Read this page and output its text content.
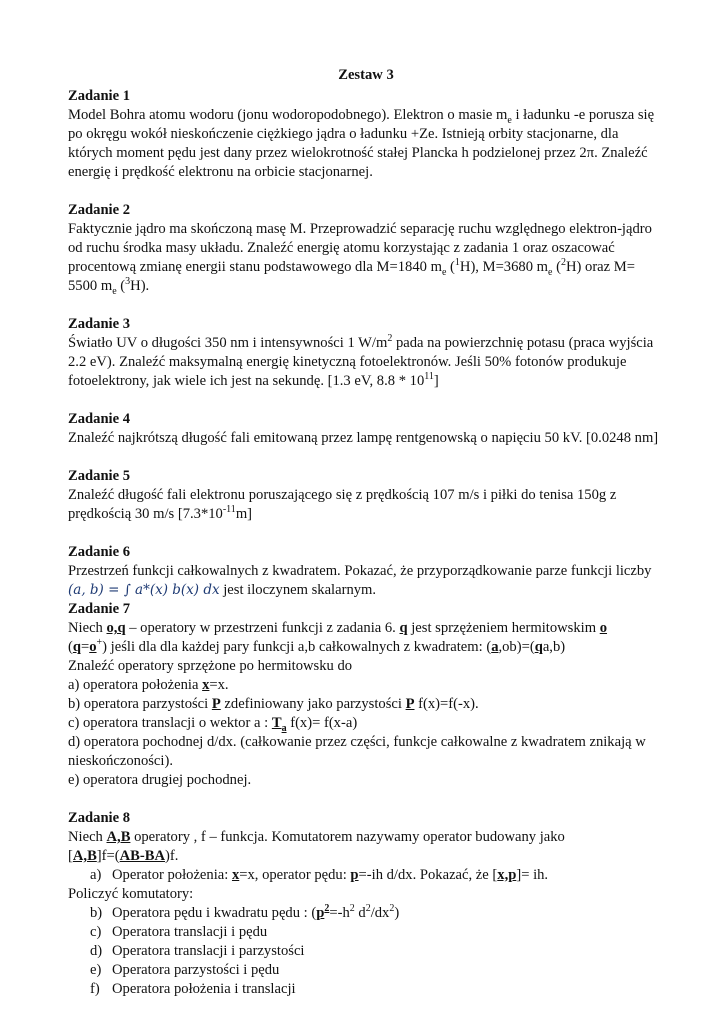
Zestaw 3
Zadanie 1

Model Bohra atomu wodoru (jonu wodoropodobnego). Elektron o masie $m_e$ i ładunku -e porusza się po okręgu wokół nieskończenie ciężkiego jądra o ładunku +Ze. Istnieją orbity stacjonarne, dla których moment pędu jest dany przez wielokrotność stałej Plancka h podzielonej przez 2π. Znaleźć energię i prędkość elektronu na orbicie stacjonarnej.

Zadanie 2

Faktycznie jądro ma skończoną masę M. Przeprowadzić separację ruchu względnego elektron-jądro od ruchu środka masy układu. Znaleźć energię atomu korzystając z zadania 1 oraz oszacować procentową zmianę energii stanu podstawowego dla M=1840 $m_e$ ($^1$H), M=3680 $m_e$ ($^2$H) oraz M= 5500 $m_e$ ($^3$H).

Zadanie 3

Światło UV o długości 350 nm i intensywności 1 $W/m^2$ pada na powierzchnię potasu (praca wyjścia 2.2 eV). Znaleźć maksymalną energię kinetyczną fotoelektronów. Jeśli 50% fotonów produkuje fotoelektrony, jak wiele ich jest na sekundę. [1.3 eV, $8.8 * 10^{11}$]

Zadanie 4

Znaleźć najkrótszą długość fali emitowaną przez lampę rentgenowską o napięciu 50 kV. [0.0248 nm]

Zadanie 5

Znaleźć długość fali elektronu poruszającego się z prędkością 107 m/s i piłki do tenisa 150g z prędkością 30 m/s $[7.3*10^{-11}m]$

Zadanie 6

Przestrzeń funkcji całkowalnych z kwadratem. Pokazać, że przyporządkowanie parze funkcji liczby
(a, b) = ∫ a*(x) b(x) dx jest iloczynem skalarnym.

Zadanie 7

Niech o,q – operatory w przestrzeni funkcji z zadania 6. q jest sprzężeniem hermitowskim o

(q=o+) jeśli dla dla każdej pary funkcji a,b całkowalnych z kwadratem: (a,ob)=(qa,b)

Znaleźć operatory sprzężone po hermitowsku do

a) operatora położenia x=x.

b) operatora parzystości P zdefiniowany jako parzystości P f(x)=f(-x).

c) operatora translacji o wektor a : $T_a$ f(x)= f(x-a)

d) operatora pochodnej d/dx. (całkowanie przez części, funkcje całkowalne z kwadratem znikają w nieskończoności).

e) operatora drugiej pochodnej.

Zadanie 8

Niech A,B operatory , f – funkcja. Komutatorem nazywamy operator budowany jako

[A,B]f=(AB-BA)f.

a) Operator położenia: x=x, operator pędu: p=-ih d/dx. Pokazać, że [x,p]= ih.

Policzyć komutatory:

b) Operatora pędu i kwadratu pędu : ($p^2=-h^2$ $d^2/dx^2$)
c) Operatora translacji i pędu
d) Operatora translacji i parzystości
e) Operatora parzystości i pędu
f) Operatora położenia i translacji
